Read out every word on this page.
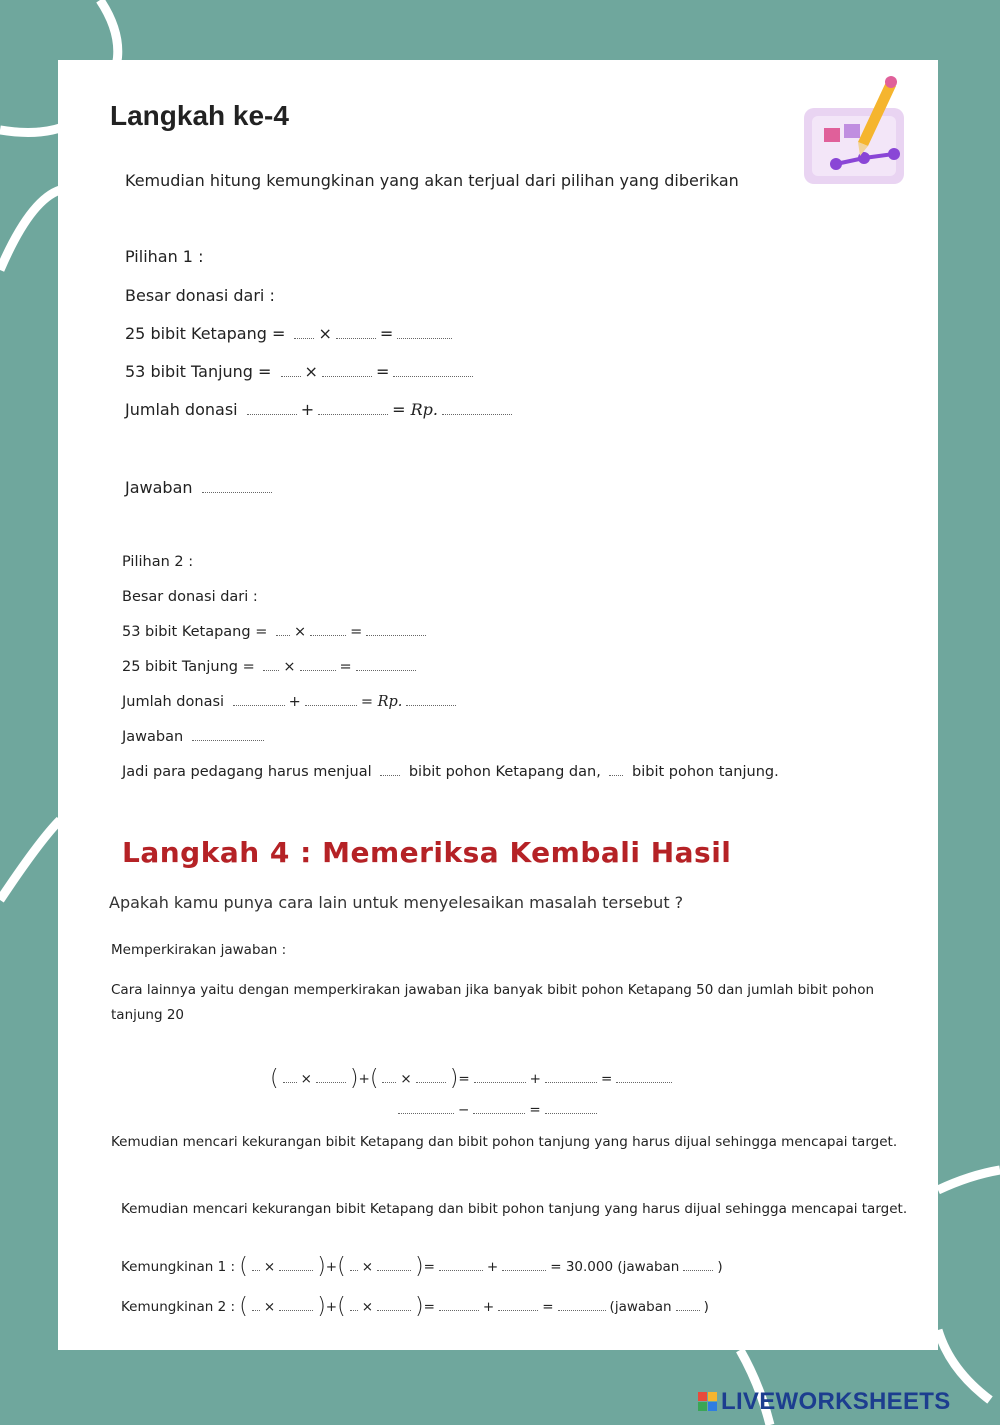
Langkah ke-4
Kemudian hitung kemungkinan yang akan terjual dari pilihan yang diberikan
Pilihan 1 :
Besar donasi dari :
25 bibit Ketapang = ×	=
53 bibit Tanjung = ×	=
Jumlah donasi	+	= Rp.
Jawaban
Pilihan 2 :
Besar donasi dari :
53 bibit Ketapang = ×	=
25 bibit Tanjung = ×	=
Jumlah donasi	+	= Rp.
Jawaban
Jadi para pedagang harus menjual	bibit pohon Ketapang dan, bibit pohon tanjung.
Langkah 4 : Memeriksa Kembali Hasil
Apakah kamu punya cara lain untuk menyelesaikan masalah tersebut ?
Memperkirakan jawaban :
Cara lainnya yaitu dengan memperkirakan jawaban jika banyak bibit pohon Ketapang 50 dan jumlah bibit pohon tanjung 20
( × )+( × )=	+	=
−	=
Kemudian mencari kekurangan bibit Ketapang dan bibit pohon tanjung yang harus dijual sehingga mencapai target.
Kemudian mencari kekurangan bibit Ketapang dan bibit pohon tanjung yang harus dijual sehingga mencapai target.
Kemungkinan 1 : ( × )+( × )=	+	= 30.000 (jawaban	)
Kemungkinan 2 : ( × )+( × )=	+	=	(jawaban )
LIVEWORKSHEETS
